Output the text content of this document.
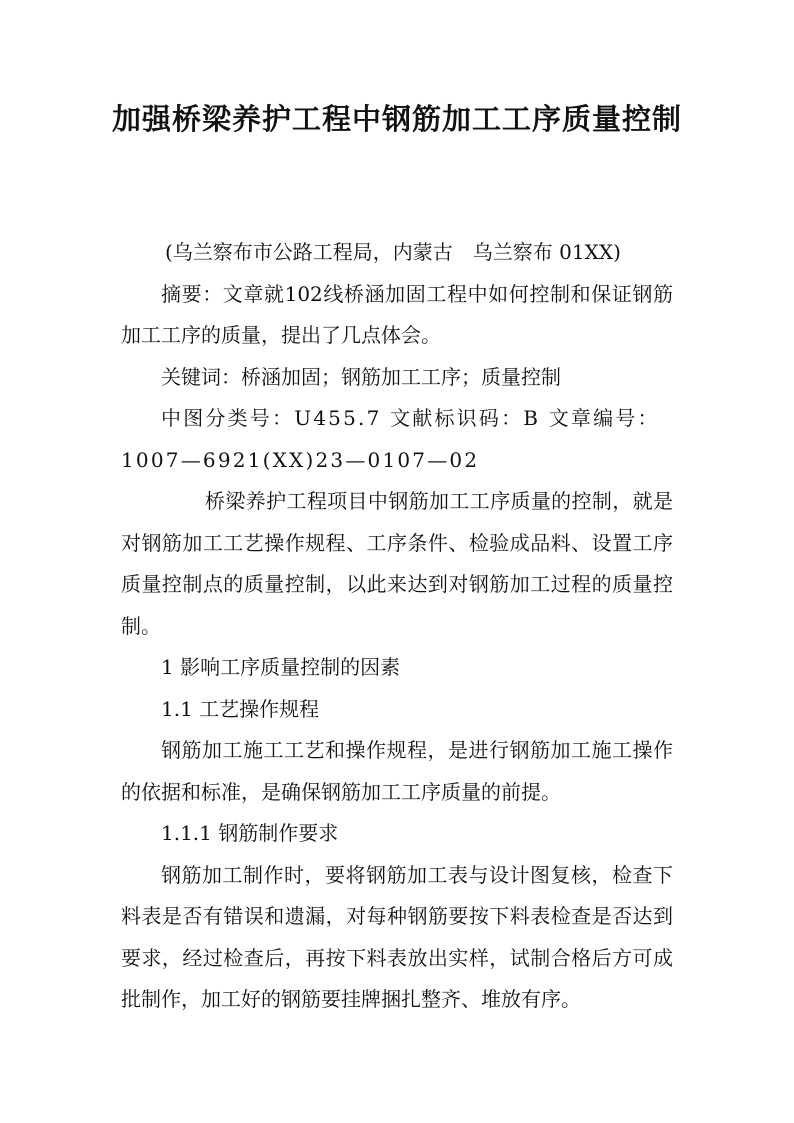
加强桥梁养护工程中钢筋加工工序质量控制

(乌兰察布市公路工程局，内蒙古　乌兰察布 01XX)

摘要：文章就102线桥涵加固工程中如何控制和保证钢筋加工工序的质量，提出了几点体会。

关键词：桥涵加固；钢筋加工工序；质量控制

中图分类号：U455.7 文献标识码：B 文章编号：1007—6921(XX)23—0107—02

桥梁养护工程项目中钢筋加工工序质量的控制，就是对钢筋加工工艺操作规程、工序条件、检验成品料、设置工序质量控制点的质量控制，以此来达到对钢筋加工过程的质量控制。

1 影响工序质量控制的因素

1.1 工艺操作规程

钢筋加工施工工艺和操作规程，是进行钢筋加工施工操作的依据和标准，是确保钢筋加工工序质量的前提。

1.1.1 钢筋制作要求

钢筋加工制作时，要将钢筋加工表与设计图复核，检查下料表是否有错误和遗漏，对每种钢筋要按下料表检查是否达到要求，经过检查后，再按下料表放出实样，试制合格后方可成批制作，加工好的钢筋要挂牌捆扎整齐、堆放有序。
